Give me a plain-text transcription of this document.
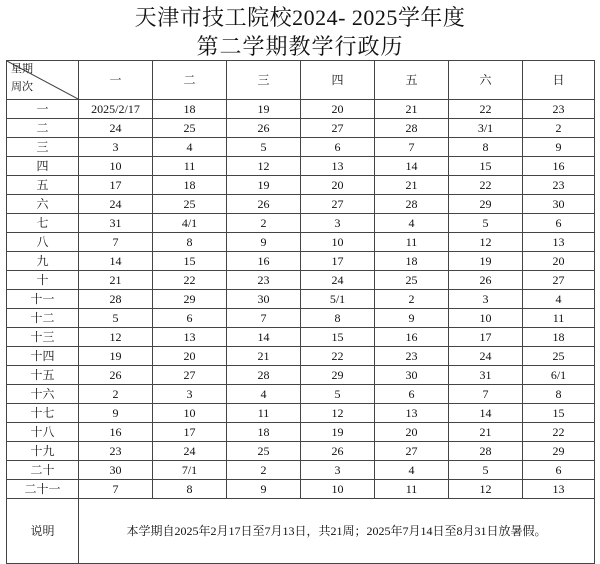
天津市技工院校2024- 2025学年度
第二学期教学行政历
星期
周次	一	二	三	四	五	六	日
一	2025/2/17	18	19	20	21	22	23
二	24	25	26	27	28	3/1	2
三	3	4	5	6	7	8	9
四	10	11	12	13	14	15	16
五	17	18	19	20	21	22	23
六	24	25	26	27	28	29	30
七	31	4/1	2	3	4	5	6
八	7	8	9	10	11	12	13
九	14	15	16	17	18	19	20
十	21	22	23	24	25	26	27
十一	28	29	30	5/1	2	3	4
十二	5	6	7	8	9	10	11
十三	12	13	14	15	16	17	18
十四	19	20	21	22	23	24	25
十五	26	27	28	29	30	31	6/1
十六	2	3	4	5	6	7	8
十七	9	10	11	12	13	14	15
十八	16	17	18	19	20	21	22
十九	23	24	25	26	27	28	29
二十	30	7/1	2	3	4	5	6
二十一	7	8	9	10	11	12	13
说明	本学期自2025年2月17日至7月13日，共21周；2025年7月14日至8月31日放暑假。						
